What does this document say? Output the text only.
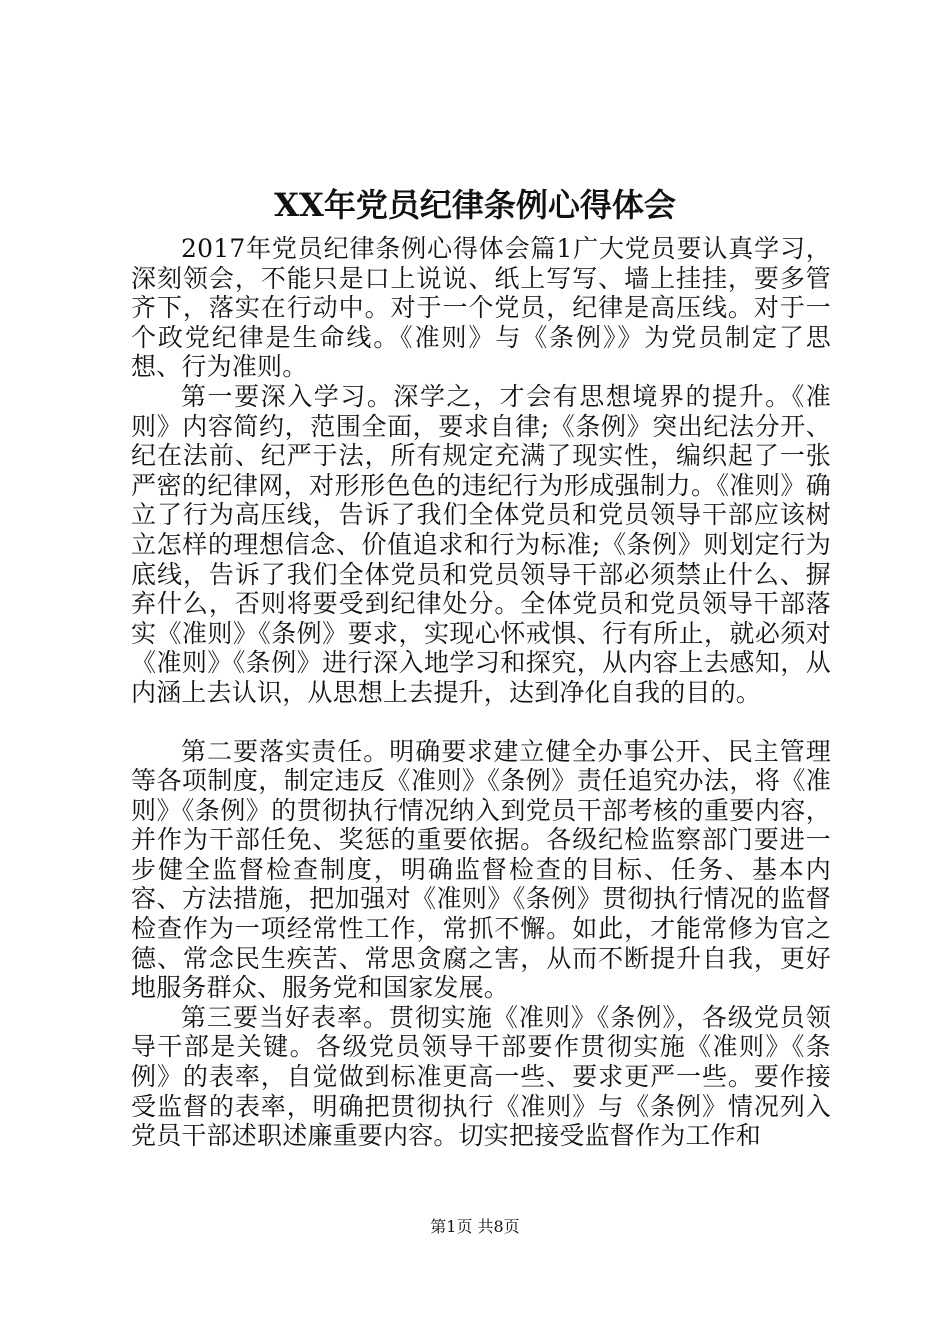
XX年党员纪律条例心得体会

2017年党员纪律条例心得体会篇1广大党员要认真学习，深刻领会，不能只是口上说说、纸上写写、墙上挂挂，要多管齐下，落实在行动中。对于一个党员，纪律是高压线。对于一个政党纪律是生命线。《准则》与《条例》》为党员制定了思想、行为准则。

第一要深入学习。深学之，才会有思想境界的提升。《准则》内容简约，范围全面，要求自律;《条例》突出纪法分开、纪在法前、纪严于法，所有规定充满了现实性，编织起了一张严密的纪律网，对形形色色的违纪行为形成强制力。《准则》确立了行为高压线，告诉了我们全体党员和党员领导干部应该树立怎样的理想信念、价值追求和行为标准;《条例》则划定行为底线，告诉了我们全体党员和党员领导干部必须禁止什么、摒弃什么，否则将要受到纪律处分。全体党员和党员领导干部落实《准则》《条例》要求，实现心怀戒惧、行有所止，就必须对《准则》《条例》进行深入地学习和探究，从内容上去感知，从内涵上去认识，从思想上去提升，达到净化自我的目的。

第二要落实责任。明确要求建立健全办事公开、民主管理等各项制度，制定违反《准则》《条例》责任追究办法，将《准则》《条例》的贯彻执行情况纳入到党员干部考核的重要内容，并作为干部任免、奖惩的重要依据。各级纪检监察部门要进一步健全监督检查制度，明确监督检查的目标、任务、基本内容、方法措施，把加强对《准则》《条例》贯彻执行情况的监督检查作为一项经常性工作，常抓不懈。如此，才能常修为官之德、常念民生疾苦、常思贪腐之害，从而不断提升自我，更好地服务群众、服务党和国家发展。

第三要当好表率。贯彻实施《准则》《条例》，各级党员领导干部是关键。各级党员领导干部要作贯彻实施《准则》《条例》的表率，自觉做到标准更高一些、要求更严一些。要作接受监督的表率，明确把贯彻执行《准则》与《条例》情况列入党员干部述职述廉重要内容。切实把接受监督作为工作和

第1页 共8页
